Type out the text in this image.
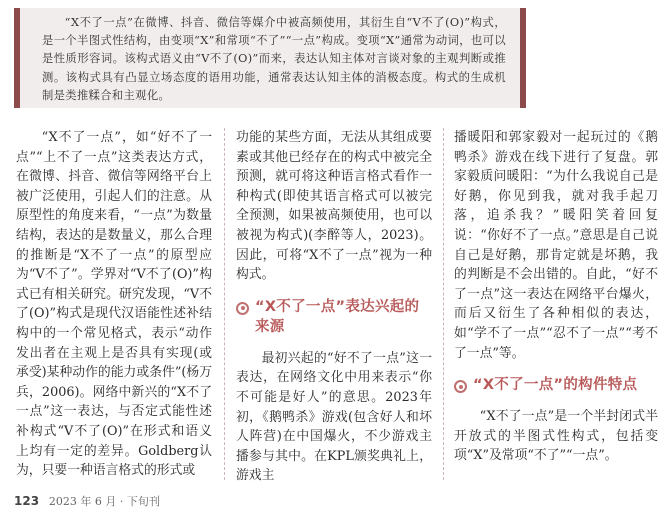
“X不了一点”在微博、抖音、微信等媒介中被高频使用，其衍生自“V不了(O)”构式，是一个半图式性结构，由变项“X”和常项“不了”“一点”构成。变项“X”通常为动词，也可以是性质形容词。该构式语义由“V不了(O)”而来，表达认知主体对言谈对象的主观判断或推测。该构式具有凸显立场态度的语用功能，通常表达认知主体的消极态度。构式的生成机制是类推糅合和主观化。

“X不了一点”，如“好不了一点”“上不了一点”这类表达方式，在微博、抖音、微信等网络平台上被广泛使用，引起人们的注意。从原型性的角度来看，“一点”为数量结构，表达的是数量义，那么合理的推断是“X不了一点”的原型应为“V不了”。学界对“V不了(O)”构式已有相关研究。研究发现，“V不了(O)”构式是现代汉语能性述补结构中的一个常见格式，表示“动作发出者在主观上是否具有实现(或承受)某种动作的能力或条件”(杨万兵，2006)。网络中新兴的“X不了一点”这一表达，与否定式能性述补构式“V不了(O)”在形式和语义上均有一定的差异。Goldberg认为，只要一种语言格式的形式或

功能的某些方面，无法从其组成要素或其他已经存在的构式中被完全预测，就可将这种语言格式看作一种构式(即使其语言格式可以被完全预测，如果被高频使用，也可以被视为构式)(李醉等人，2023)。因此，可将“X不了一点”视为一种构式。

“X不了一点”表达兴起的来源

最初兴起的“好不了一点”这一表达，在网络文化中用来表示“你不可能是好人”的意思。2023年初，《鹅鸭杀》游戏(包含好人和坏人阵营)在中国爆火，不少游戏主播参与其中。在KPL颁奖典礼上，游戏主

播暖阳和郭家毅对一起玩过的《鹅鸭杀》游戏在线下进行了复盘。郭家毅质问暖阳：“为什么我说自己是好鹅，你见到我，就对我手起刀落，追杀我？”暖阳笑着回复说：“你好不了一点。”意思是自己说自己是好鹅，那肯定就是坏鹅，我的判断是不会出错的。自此，“好不了一点”这一表达在网络平台爆火，而后又衍生了各种相似的表达，如“学不了一点”“忍不了一点”“考不了一点”等。

“X不了一点”的构件特点

“X不了一点”是一个半封闭式半开放式的半图式性构式，包括变项“X”及常项“不了”“一点”。

123 2023 年 6 月 · 下旬刊
